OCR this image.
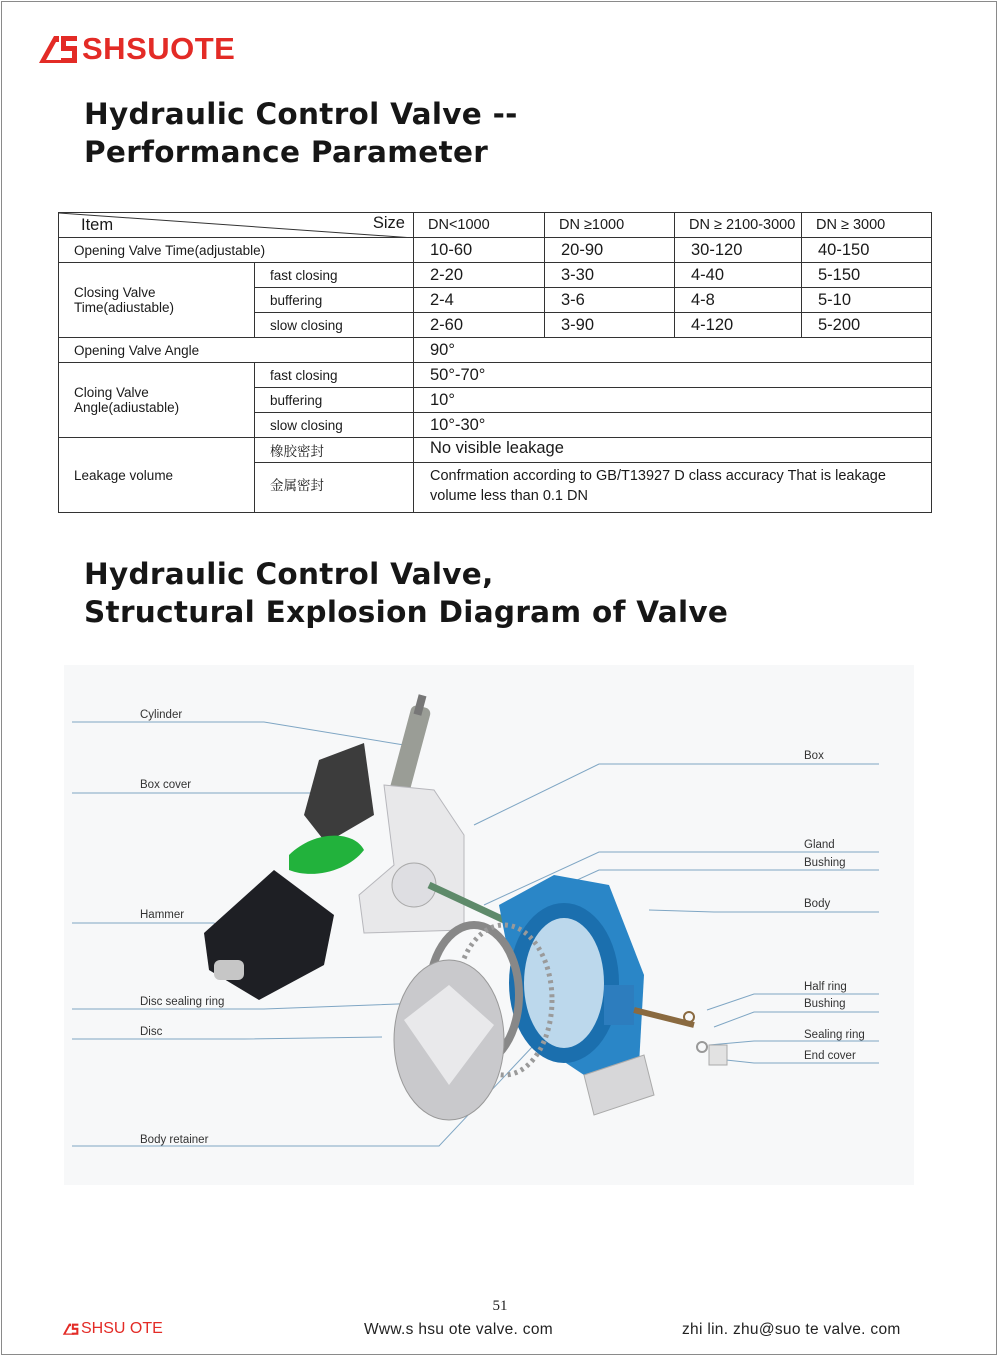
SHSUOTE
Hydraulic Control Valve --
Performance Parameter
Item Size		DN<1000	DN ≥1000	DN ≥ 2100-3000	DN ≥ 3000
Opening Valve Time(adjustable)		10-60	20-90	30-120	40-150
Closing Valve Time(adiustable)	fast closing	2-20	3-30	4-40	5-150
	buffering	2-4	3-6	4-8	5-10
	slow closing	2-60	3-90	4-120	5-200
Opening Valve Angle		90°			
Cloing Valve Angle(adiustable)	fast closing	50°-70°			
	buffering	10°			
	slow closing	10°-30°			
Leakage volume	橡胶密封	No visible leakage			
	金属密封	Confrmation according to GB/T13927 D class accuracy That is leakage volume less than 0.1 DN			
Hydraulic Control Valve,
Structural Explosion Diagram of Valve
Cylinder
Box cover
Hammer
Disc sealing ring
Disc
Body retainer
Box
Gland
Bushing
Body
Half ring
Bushing
Sealing ring
End cover
51
SHSU OTE	Www.s hsu ote valve. com	zhi lin. zhu@suo te valve. com
